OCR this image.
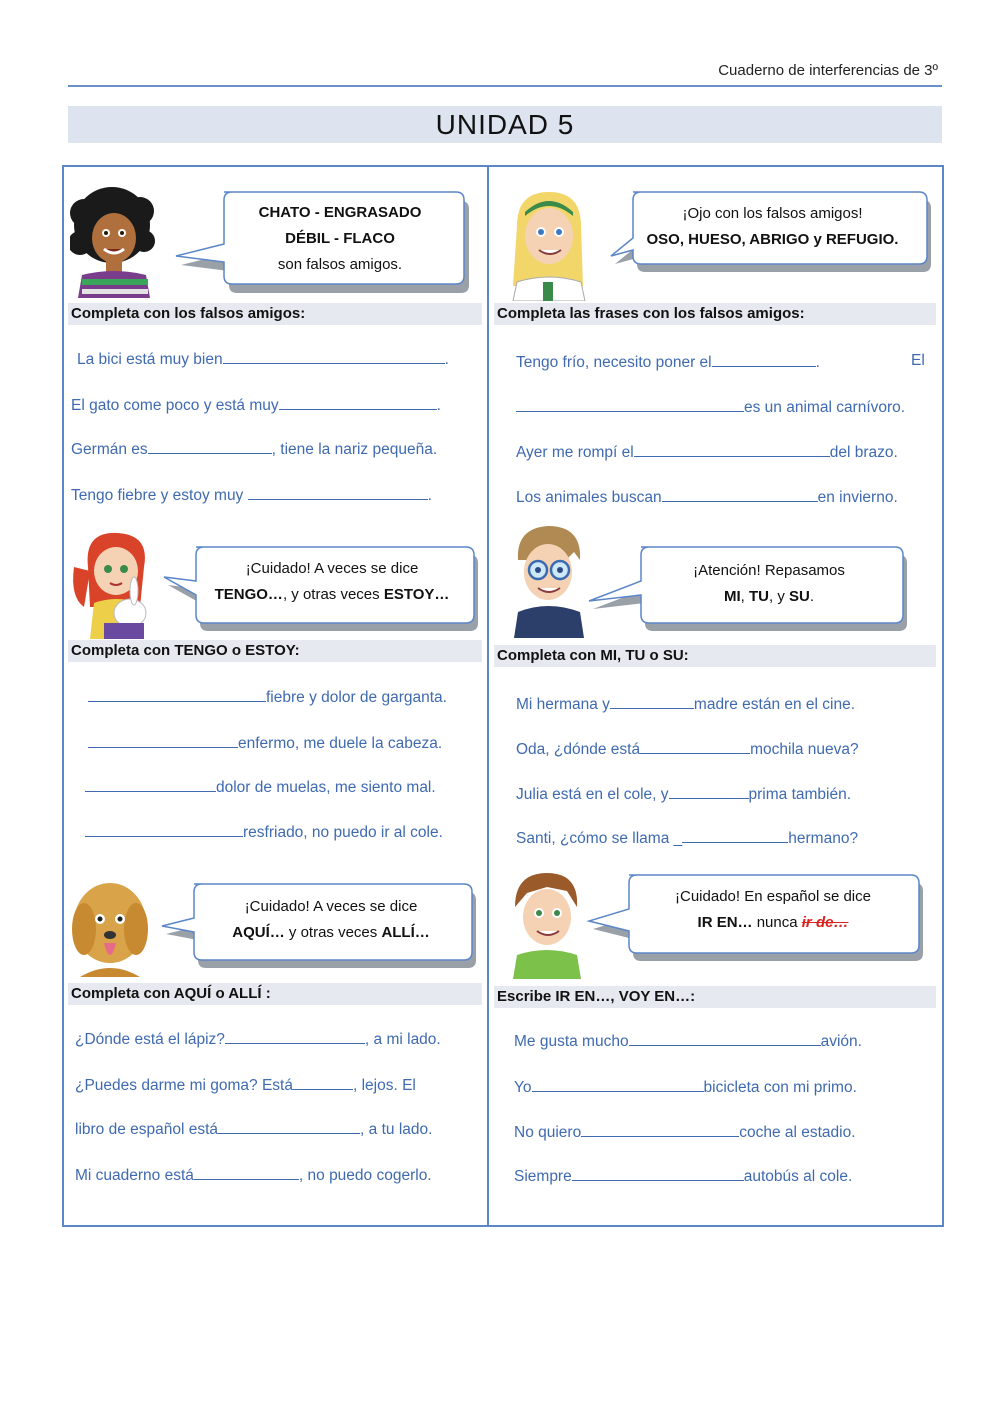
Cuaderno de interferencias de 3º
UNIDAD 5
CHATO - ENGRASADO
DÉBIL - FLACO
son falsos amigos.
Completa con los falsos amigos:
La bici está muy bien	.
El gato come poco y está muy	.
Germán es	, tiene la nariz pequeña.
Tengo fiebre y estoy muy	.
¡Ojo con los falsos amigos!
OSO, HUESO, ABRIGO y REFUGIO.
Completa las frases con los falsos amigos:
Tengo frío, necesito poner el	.	El
es un animal carnívoro.
Ayer me rompí el	del brazo.
Los animales buscan	en invierno.
¡Cuidado! A veces se dice
TENGO…, y otras veces ESTOY…
Completa con TENGO o ESTOY:
fiebre y dolor de garganta.
enfermo, me duele la cabeza.
dolor de muelas, me siento mal.
resfriado, no puedo ir al cole.
¡Atención! Repasamos
MI, TU, y SU.
Completa con MI, TU o SU:
Mi hermana y	madre están en el cine.
Oda, ¿dónde está	mochila nueva?
Julia está en el cole, y	prima también.
Santi, ¿cómo se llama _	hermano?
¡Cuidado! A veces se dice
AQUÍ… y otras veces ALLÍ…
Completa con AQUÍ o ALLÍ :
¿Dónde está el lápiz?	, a mi lado.
¿Puedes darme mi goma? Está	, lejos. El
libro de español está	, a tu lado.
Mi cuaderno está	, no puedo cogerlo.
¡Cuidado! En español se dice
IR EN… nunca ir de…
Escribe IR EN…, VOY EN…:
Me gusta mucho	avión.
Yo	bicicleta con mi primo.
No quiero	coche al estadio.
Siempre	autobús al cole.
